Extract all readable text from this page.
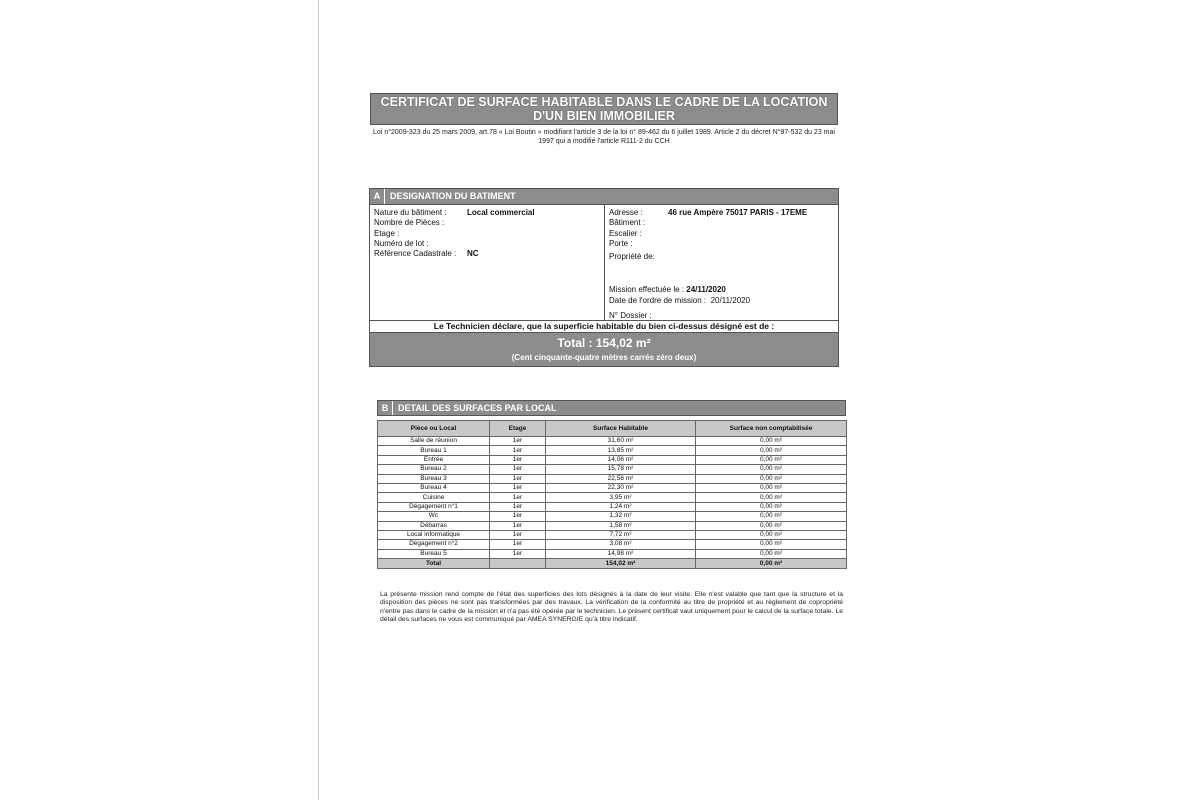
CERTIFICAT DE SURFACE HABITABLE DANS LE CADRE DE LA LOCATION D'UN BIEN IMMOBILIER
Loi n°2009-323 du 25 mars 2009, art.78 « Loi Boutin » modifiant l'article 3 de la loi n° 89-462 du 6 juillet 1989. Article 2 du décret N°97-532 du 23 mai 1997 qui a modifié l'article R111-2 du CCH
A	DESIGNATION DU BATIMENT
Nature du bâtiment :	Local commercial
Nombre de Pièces :
Etage :
Numéro de lot :
Référence Cadastrale :	NC
Adresse :	46 rue Ampère 75017 PARIS - 17EME
Bâtiment :
Escalier :
Porte :
Propriété de:
Mission effectuée le :
24/11/2020
Date de l'ordre de mission :
20/11/2020
N° Dossier :
Le Technicien déclare, que la superficie habitable du bien ci-dessus désigné est de :
Total : 154,02 m²
(Cent cinquante-quatre mètres carrés zéro deux)
B	DETAIL DES SURFACES PAR LOCAL
Pièce ou Local	Etage	Surface Habitable	Surface non comptabilisée
Salle de réunion	1er	31,60 m²	0,00 m²
Bureau 1	1er	13,85 m²	0,00 m²
Entrée	1er	14,06 m²	0,00 m²
Bureau 2	1er	15,78 m²	0,00 m²
Bureau 3	1er	22,56 m²	0,00 m²
Bureau 4	1er	22,30 m²	0,00 m²
Cuisine	1er	3,95 m²	0,00 m²
Dégagement n°1	1er	1,24 m²	0,00 m²
Wc	1er	1,32 m²	0,00 m²
Débarras	1er	1,58 m²	0,00 m²
Local informatique	1er	7,72 m²	0,00 m²
Dégagement n°2	1er	3,08 m²	0,00 m²
Bureau 5	1er	14,98 m²	0,00 m²
Total		154,02 m²	0,00 m²
La présente mission rend compte de l'état des superficies des lots désignés à la date de leur visite. Elle n'est valable que tant que la structure et la disposition des pièces ne sont pas transformées par des travaux. La vérification de la conformité au titre de propriété et au règlement de copropriété n'entre pas dans le cadre de la mission et n'a pas été opérée par le technicien. Le présent certificat vaut uniquement pour le calcul de la surface totale. Le détail des surfaces ne vous est communiqué par AMEA SYNERGIE qu'à titre indicatif.
